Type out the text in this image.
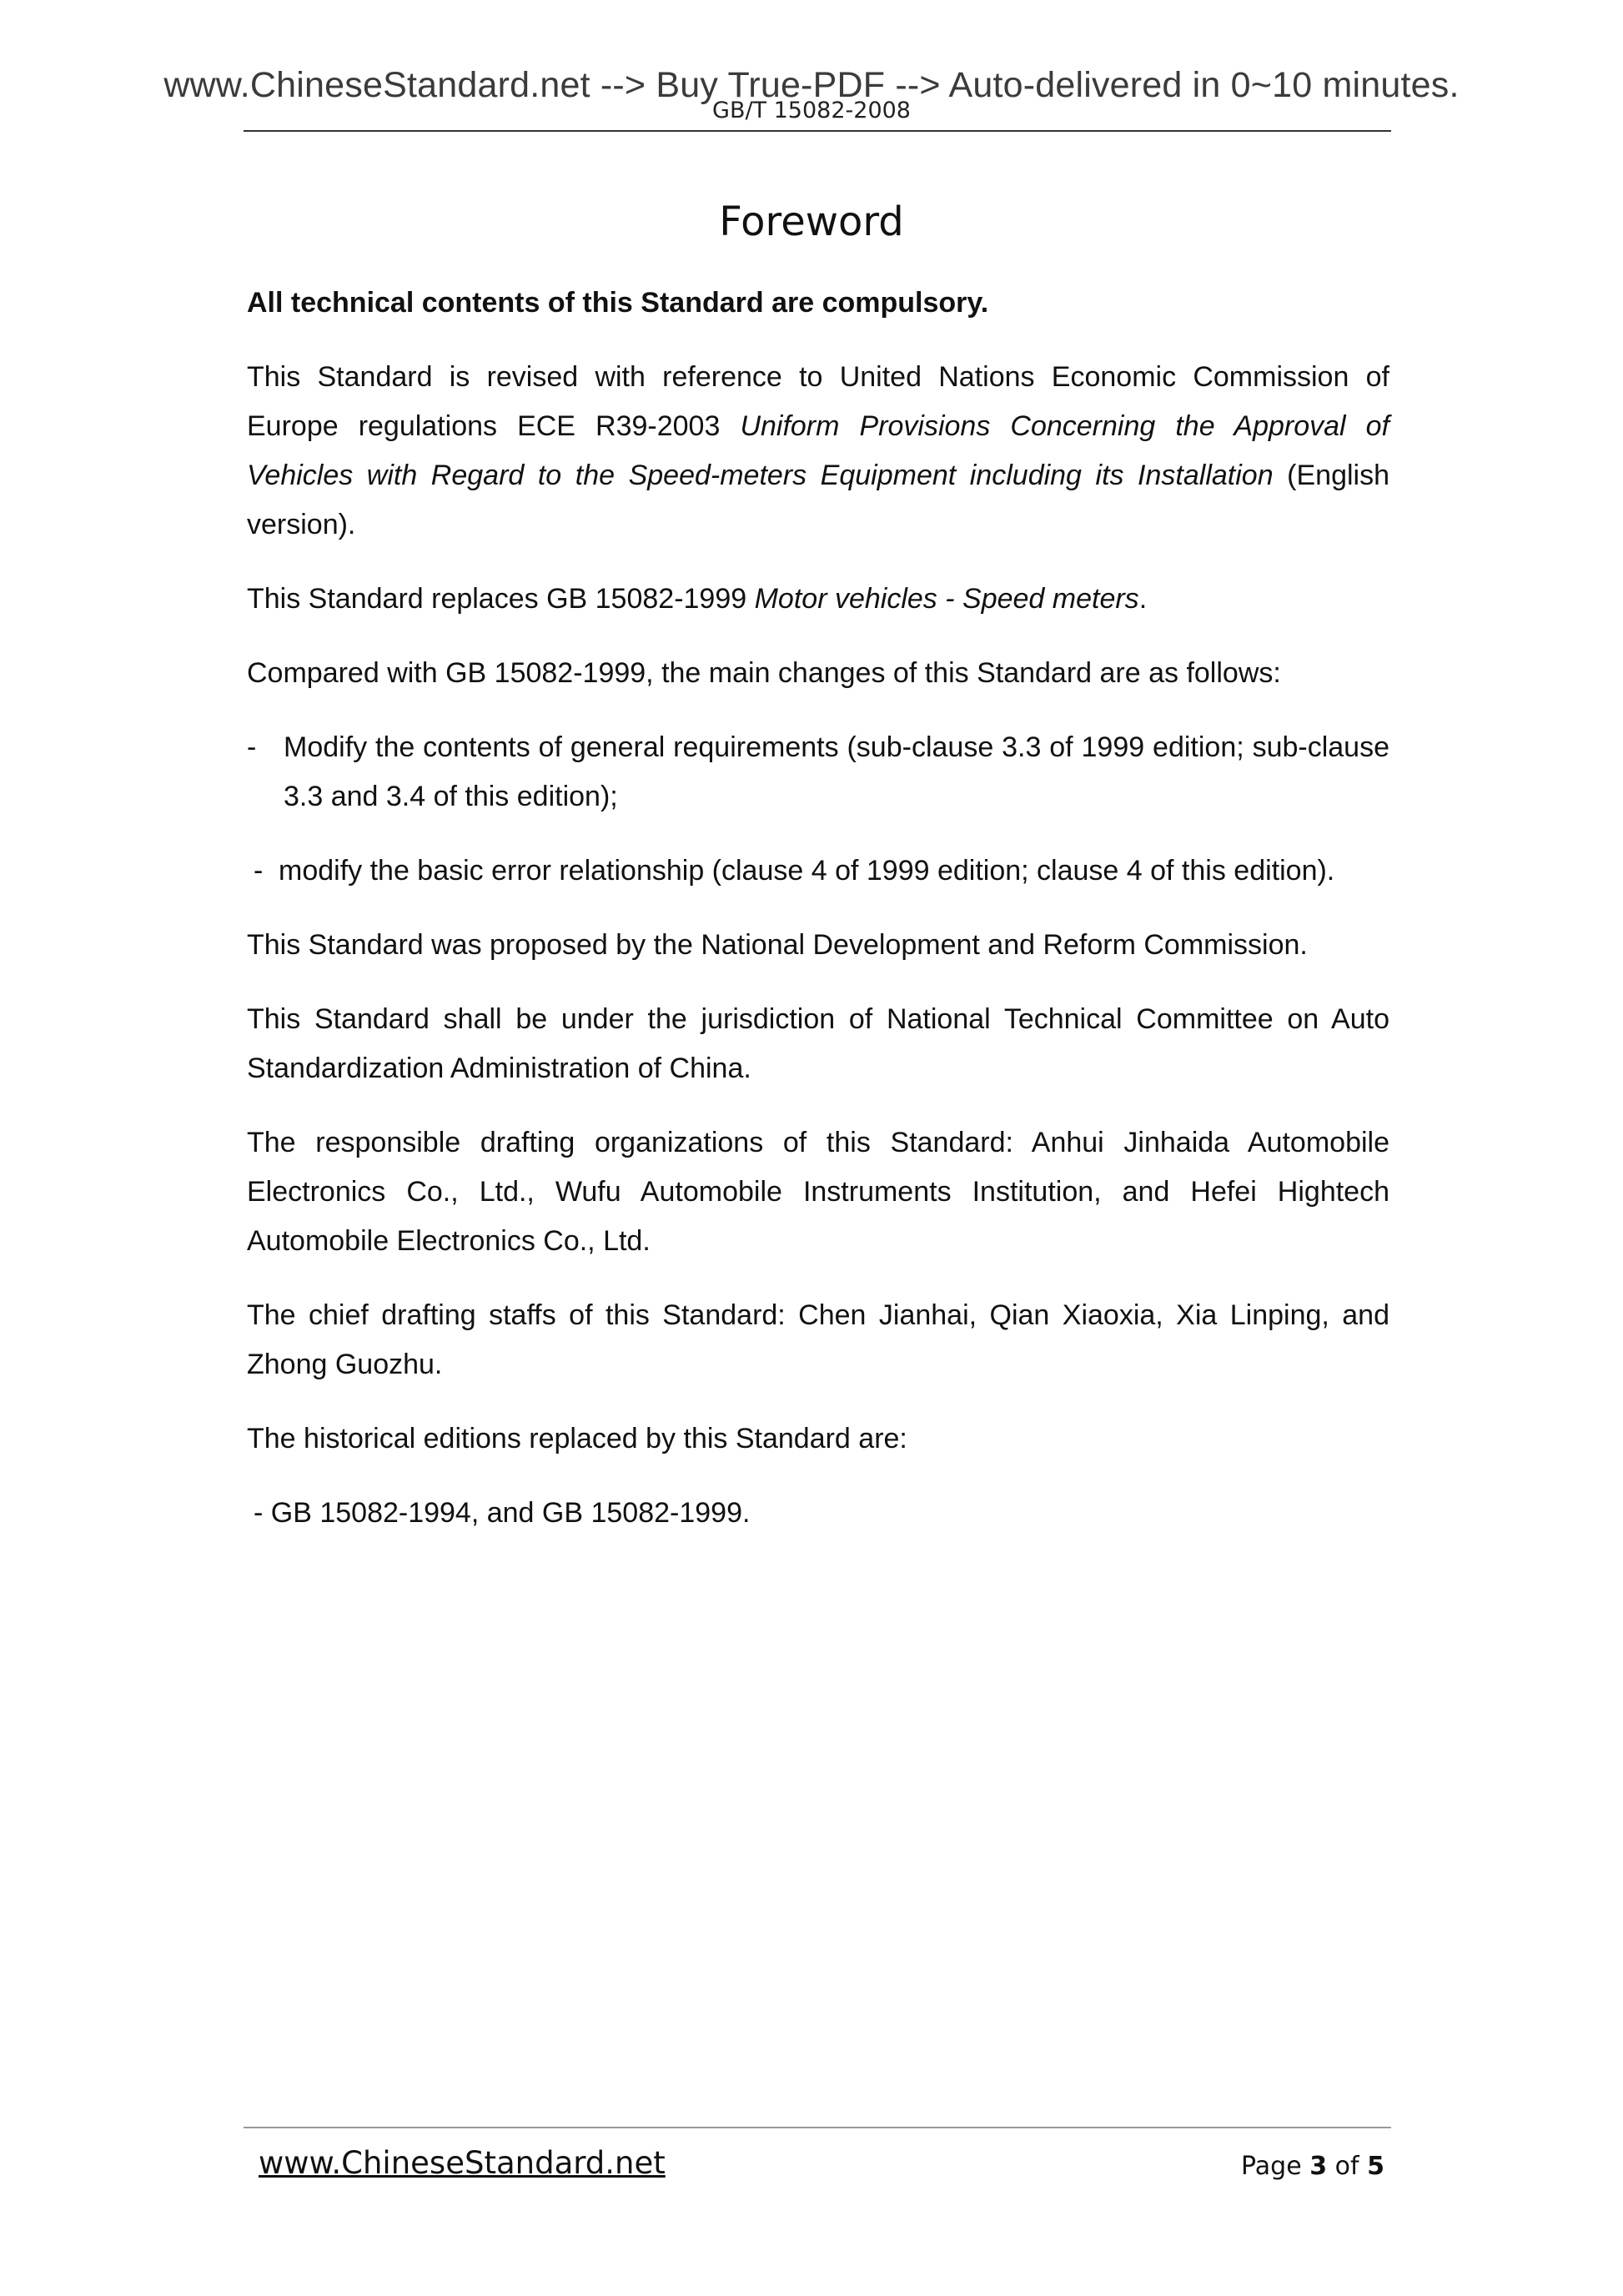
www.ChineseStandard.net --> Buy True-PDF --> Auto-delivered in 0~10 minutes.
GB/T 15082-2008
Foreword

All technical contents of this Standard are compulsory.

This Standard is revised with reference to United Nations Economic Commission of Europe regulations ECE R39-2003 Uniform Provisions Concerning the Approval of Vehicles with Regard to the Speed-meters Equipment including its Installation (English version).

This Standard replaces GB 15082-1999 Motor vehicles - Speed meters.

Compared with GB 15082-1999, the main changes of this Standard are as follows:

- Modify the contents of general requirements (sub-clause 3.3 of 1999 edition; sub-clause 3.3 and 3.4 of this edition);

- modify the basic error relationship (clause 4 of 1999 edition; clause 4 of this edition).

This Standard was proposed by the National Development and Reform Commission.

This Standard shall be under the jurisdiction of National Technical Committee on Auto Standardization Administration of China.

The responsible drafting organizations of this Standard: Anhui Jinhaida Automobile Electronics Co., Ltd., Wufu Automobile Instruments Institution, and Hefei Hightech Automobile Electronics Co., Ltd.

The chief drafting staffs of this Standard: Chen Jianhai, Qian Xiaoxia, Xia Linping, and Zhong Guozhu.

The historical editions replaced by this Standard are:

- GB 15082-1994, and GB 15082-1999.

www.ChineseStandard.net	Page 3 of 5
